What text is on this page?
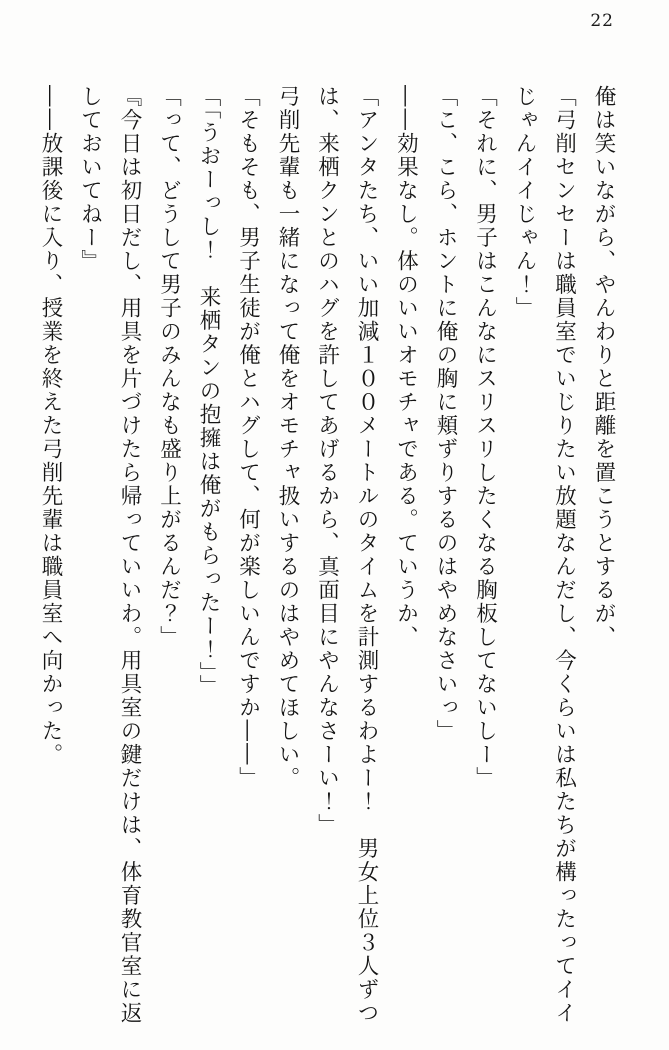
22

俺は笑いながら、やんわりと距離を置こうとするが、

「弓削センセーは職員室でいじりたい放題なんだし、今くらいは私たちが構ったってイイ

じゃんイイじゃん！」

「それに、男子はこんなにスリスリしたくなる胸板してないしー」

「こ、こら、ホントに俺の胸に頬ずりするのはやめなさいっ」

――効果なし。体のいいオモチャである。ていうか、

「アンタたち、いい加減１００メートルのタイムを計測するわよー！　男女上位３人ずつ

は、来栖クンとのハグを許してあげるから、真面目にやんなさーい！」

弓削先輩も一緒になって俺をオモチャ扱いするのはやめてほしい。

「そもそも、男子生徒が俺とハグして、何が楽しいんですか――」

「「うおーっし！　来栖タンの抱擁は俺がもらったー！」」

「って、どうして男子のみんなも盛り上がるんだ？」

『今日は初日だし、用具を片づけたら帰っていいわ。用具室の鍵だけは、体育教官室に返

しておいてねー』

――放課後に入り、授業を終えた弓削先輩は職員室へ向かった。
